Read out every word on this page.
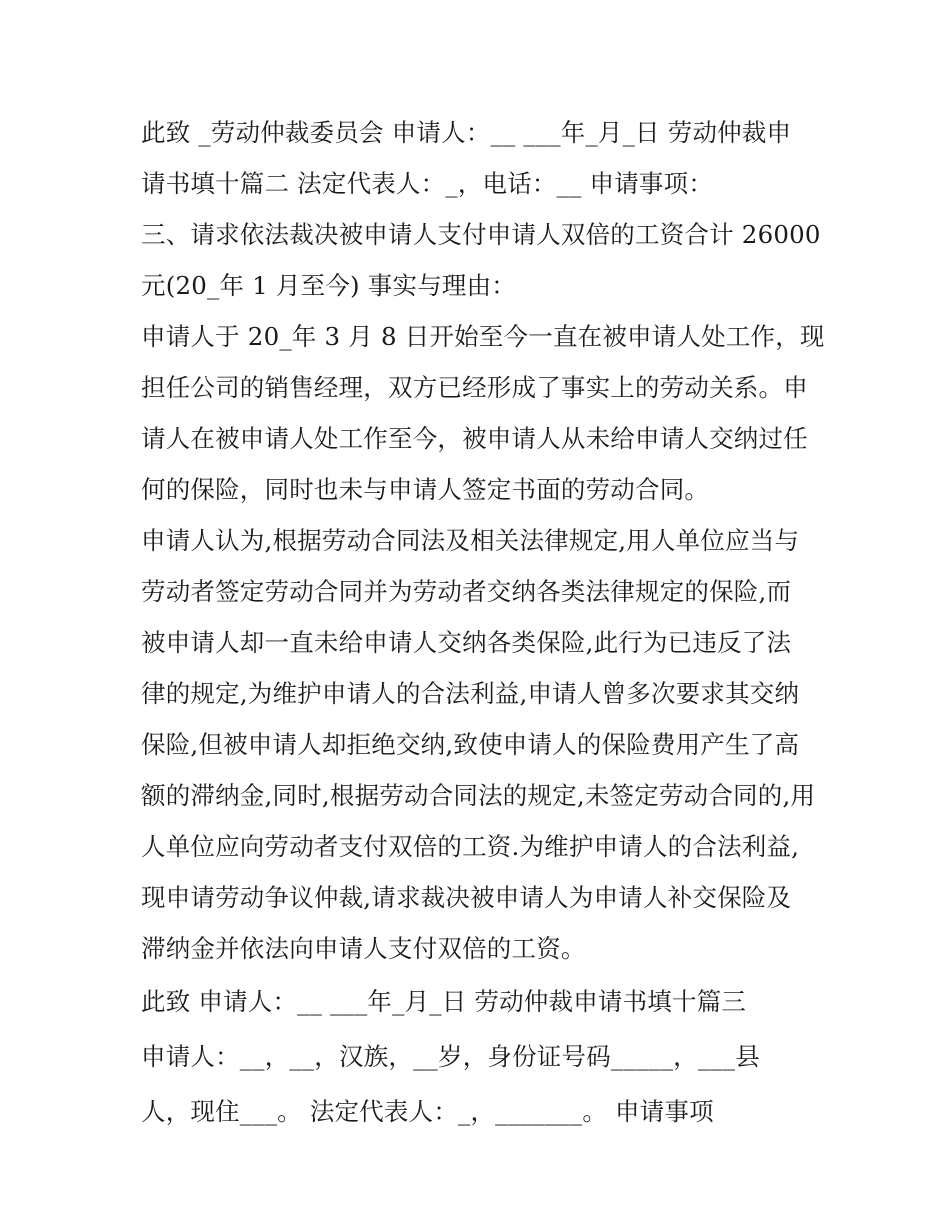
此致 _劳动仲裁委员会 申请人：__ ___年_月_日 劳动仲裁申
请书填十篇二 法定代表人：_，电话：__ 申请事项：
三、请求依法裁决被申请人支付申请人双倍的工资合计 26000
元(20_年 1 月至今) 事实与理由：
申请人于 20_年 3 月 8 日开始至今一直在被申请人处工作，现
担任公司的销售经理，双方已经形成了事实上的劳动关系。申
请人在被申请人处工作至今，被申请人从未给申请人交纳过任
何的保险，同时也未与申请人签定书面的劳动合同。
申请人认为,根据劳动合同法及相关法律规定,用人单位应当与
劳动者签定劳动合同并为劳动者交纳各类法律规定的保险,而
被申请人却一直未给申请人交纳各类保险,此行为已违反了法
律的规定,为维护申请人的合法利益,申请人曾多次要求其交纳
保险,但被申请人却拒绝交纳,致使申请人的保险费用产生了高
额的滞纳金,同时,根据劳动合同法的规定,未签定劳动合同的,用
人单位应向劳动者支付双倍的工资.为维护申请人的合法利益,
现申请劳动争议仲裁,请求裁决被申请人为申请人补交保险及
滞纳金并依法向申请人支付双倍的工资。
此致 申请人：__ ___年_月_日 劳动仲裁申请书填十篇三
申请人：__，__，汉族，__岁，身份证号码_____，___县
人，现住___。 法定代表人：_，_______。 申请事项
